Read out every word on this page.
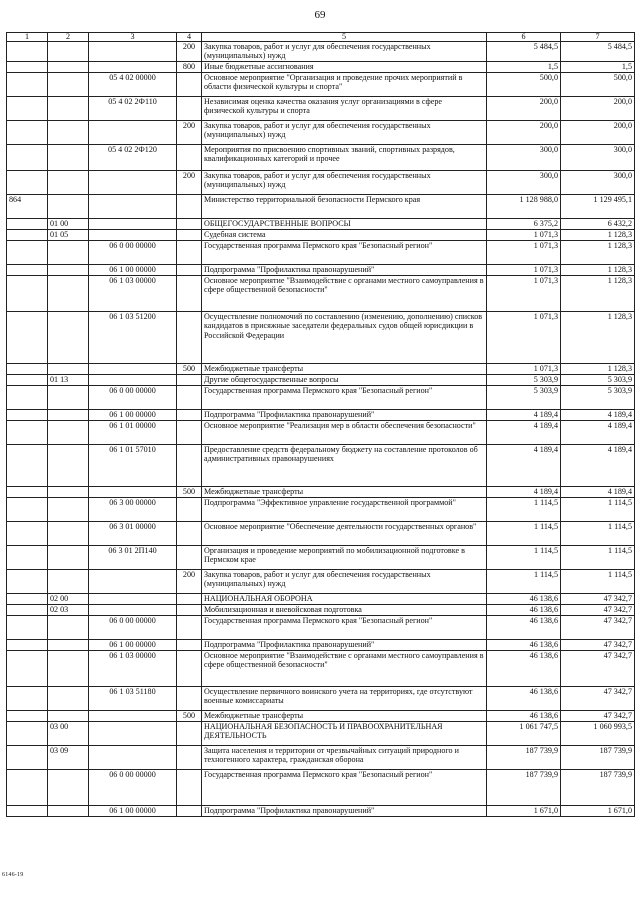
69
1	2	3	4	5	6	7
			200	Закупка товаров, работ и услуг для обеспечения государственных (муниципальных) нужд	5 484,5	5 484,5
			800	Иные бюджетные ассигнования	1,5	1,5
		05 4 02 00000		Основное мероприятие "Организация и проведение прочих мероприятий в области физической культуры и спорта"	500,0	500,0
		05 4 02 2Ф110		Независимая оценка качества оказания услуг организациями в сфере физической культуры и спорта	200,0	200,0
			200	Закупка товаров, работ и услуг для обеспечения государственных (муниципальных) нужд	200,0	200,0
		05 4 02 2Ф120		Мероприятия по присвоению спортивных званий, спортивных разрядов, квалификационных категорий и прочее	300,0	300,0
			200	Закупка товаров, работ и услуг для обеспечения государственных (муниципальных) нужд	300,0	300,0
864				Министерство территориальной безопасности Пермского края	1 128 988,0	1 129 495,1
	01 00			ОБЩЕГОСУДАРСТВЕННЫЕ ВОПРОСЫ	6 375,2	6 432,2
	01 05			Судебная система	1 071,3	1 128,3
		06 0 00 00000		Государственная программа Пермского края "Безопасный регион"	1 071,3	1 128,3
		06 1 00 00000		Подпрограмма "Профилактика правонарушений"	1 071,3	1 128,3
		06 1 03 00000		Основное мероприятие "Взаимодействие с органами местного самоуправления в сфере общественной безопасности"	1 071,3	1 128,3
		06 1 03 51200		Осуществление полномочий по составлению (изменению, дополнению) списков кандидатов в присяжные заседатели федеральных судов общей юрисдикции в Российской Федерации	1 071,3	1 128,3
			500	Межбюджетные трансферты	1 071,3	1 128,3
	01 13			Другие общегосударственные вопросы	5 303,9	5 303,9
		06 0 00 00000		Государственная программа Пермского края "Безопасный регион"	5 303,9	5 303,9
		06 1 00 00000		Подпрограмма "Профилактика правонарушений"	4 189,4	4 189,4
		06 1 01 00000		Основное мероприятие "Реализация мер в области обеспечения безопасности"	4 189,4	4 189,4
		06 1 01 57010		Предоставление средств федеральному бюджету на составление протоколов об административных правонарушениях	4 189,4	4 189,4
			500	Межбюджетные трансферты	4 189,4	4 189,4
		06 3 00 00000		Подпрограмма "Эффективное управление государственной программой"	1 114,5	1 114,5
		06 3 01 00000		Основное мероприятие "Обеспечение деятельности государственных органов"	1 114,5	1 114,5
		06 3 01 2П140		Организация и проведение мероприятий по мобилизационной подготовке в Пермском крае	1 114,5	1 114,5
			200	Закупка товаров, работ и услуг для обеспечения государственных (муниципальных) нужд	1 114,5	1 114,5
	02 00			НАЦИОНАЛЬНАЯ ОБОРОНА	46 138,6	47 342,7
	02 03			Мобилизационная и вневойсковая подготовка	46 138,6	47 342,7
		06 0 00 00000		Государственная программа Пермского края "Безопасный регион"	46 138,6	47 342,7
		06 1 00 00000		Подпрограмма "Профилактика правонарушений"	46 138,6	47 342,7
		06 1 03 00000		Основное мероприятие "Взаимодействие с органами местного самоуправления в сфере общественной безопасности"	46 138,6	47 342,7
		06 1 03 51180		Осуществление первичного воинского учета на территориях, где отсутствуют военные комиссариаты	46 138,6	47 342,7
			500	Межбюджетные трансферты	46 138,6	47 342,7
	03 00			НАЦИОНАЛЬНАЯ БЕЗОПАСНОСТЬ И ПРАВООХРАНИТЕЛЬНАЯ ДЕЯТЕЛЬНОСТЬ	1 061 747,5	1 060 993,5
	03 09			Защита населения и территории от чрезвычайных ситуаций природного и техногенного характера, гражданская оборона	187 739,9	187 739,9
		06 0 00 00000		Государственная программа Пермского края "Безопасный регион"	187 739,9	187 739,9
		06 1 00 00000		Подпрограмма "Профилактика правонарушений"	1 671,0	1 671,0
6146-19
